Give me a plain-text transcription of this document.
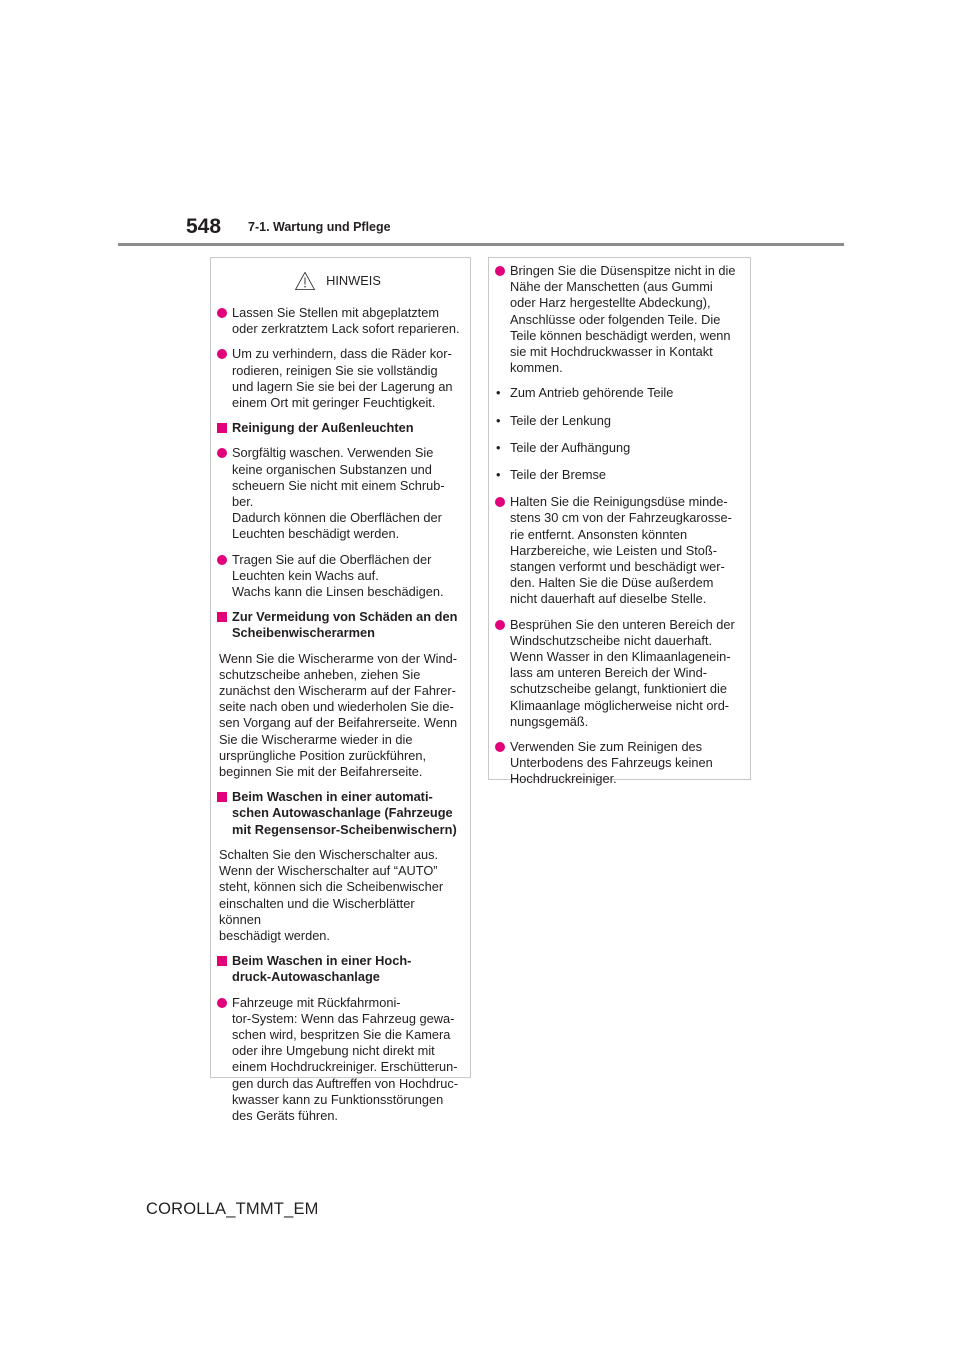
548 7-1. Wartung und Pflege
HINWEIS
Lassen Sie Stellen mit abgeplatztem
oder zerkratztem Lack sofort reparieren.
Um zu verhindern, dass die Räder kor-
rodieren, reinigen Sie sie vollständig
und lagern Sie sie bei der Lagerung an
einem Ort mit geringer Feuchtigkeit.
Reinigung der Außenleuchten
Sorgfältig waschen. Verwenden Sie
keine organischen Substanzen und
scheuern Sie nicht mit einem Schrub-
ber.
Dadurch können die Oberflächen der
Leuchten beschädigt werden.
Tragen Sie auf die Oberflächen der
Leuchten kein Wachs auf.
Wachs kann die Linsen beschädigen.
Zur Vermeidung von Schäden an den
Scheibenwischerarmen
Wenn Sie die Wischerarme von der Wind-
schutzscheibe anheben, ziehen Sie
zunächst den Wischerarm auf der Fahrer-
seite nach oben und wiederholen Sie die-
sen Vorgang auf der Beifahrerseite. Wenn
Sie die Wischerarme wieder in die
ursprüngliche Position zurückführen,
beginnen Sie mit der Beifahrerseite.
Beim Waschen in einer automati-
schen Autowaschanlage (Fahrzeuge
mit Regensensor-Scheibenwischern)
Schalten Sie den Wischerschalter aus.
Wenn der Wischerschalter auf “AUTO”
steht, können sich die Scheibenwischer
einschalten und die Wischerblätter können
beschädigt werden.
Beim Waschen in einer Hoch-
druck-Autowaschanlage
Fahrzeuge mit Rückfahrmoni-
tor-System: Wenn das Fahrzeug gewa-
schen wird, bespritzen Sie die Kamera
oder ihre Umgebung nicht direkt mit
einem Hochdruckreiniger. Erschütterun-
gen durch das Auftreffen von Hochdruc-
kwasser kann zu Funktionsstörungen
des Geräts führen.
Bringen Sie die Düsenspitze nicht in die
Nähe der Manschetten (aus Gummi
oder Harz hergestellte Abdeckung),
Anschlüsse oder folgenden Teile. Die
Teile können beschädigt werden, wenn
sie mit Hochdruckwasser in Kontakt
kommen.
• Zum Antrieb gehörende Teile
• Teile der Lenkung
• Teile der Aufhängung
• Teile der Bremse
Halten Sie die Reinigungsdüse minde-
stens 30 cm von der Fahrzeugkarosse-
rie entfernt. Ansonsten könnten
Harzbereiche, wie Leisten und Stoß-
stangen verformt und beschädigt wer-
den. Halten Sie die Düse außerdem
nicht dauerhaft auf dieselbe Stelle.
Besprühen Sie den unteren Bereich der
Windschutzscheibe nicht dauerhaft.
Wenn Wasser in den Klimaanlagenein-
lass am unteren Bereich der Wind-
schutzscheibe gelangt, funktioniert die
Klimaanlage möglicherweise nicht ord-
nungsgemäß.
Verwenden Sie zum Reinigen des
Unterbodens des Fahrzeugs keinen
Hochdruckreiniger.
COROLLA_TMMT_EM
